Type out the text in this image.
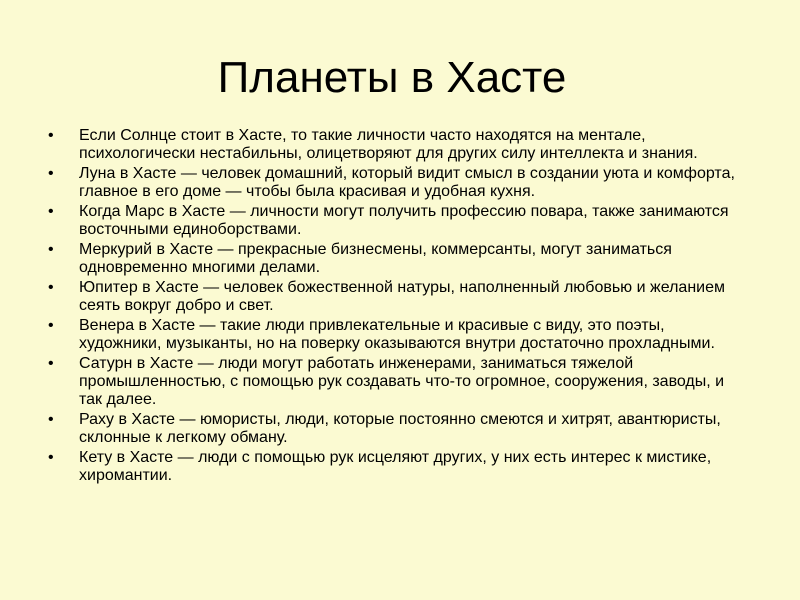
Планеты в Хасте
•	Если Солнце стоит в Хасте, то такие личности часто находятся на ментале, психологически нестабильны, олицетворяют для других силу интеллекта и знания.
•	Луна в Хасте — человек домашний, который видит смысл в создании уюта и комфорта, главное в его доме — чтобы была красивая и удобная кухня.
•	Когда Марс в Хасте — личности могут получить профессию повара, также занимаются восточными единоборствами.
•	Меркурий в Хасте — прекрасные бизнесмены, коммерсанты, могут заниматься одновременно многими делами.
•	Юпитер в Хасте — человек божественной натуры, наполненный любовью и желанием сеять вокруг добро и свет.
•	Венера в Хасте — такие люди привлекательные и красивые с виду, это поэты, художники, музыканты, но на поверку оказываются внутри достаточно прохладными.
•	Сатурн в Хасте — люди могут работать инженерами, заниматься тяжелой промышленностью, с помощью рук создавать что-то огромное, сооружения, заводы, и так далее.
•	Раху в Хасте — юмористы, люди, которые постоянно смеются и хитрят, авантюристы, склонные к легкому обману.
•	Кету в Хасте — люди с помощью рук исцеляют других, у них есть интерес к мистике, хиромантии.
